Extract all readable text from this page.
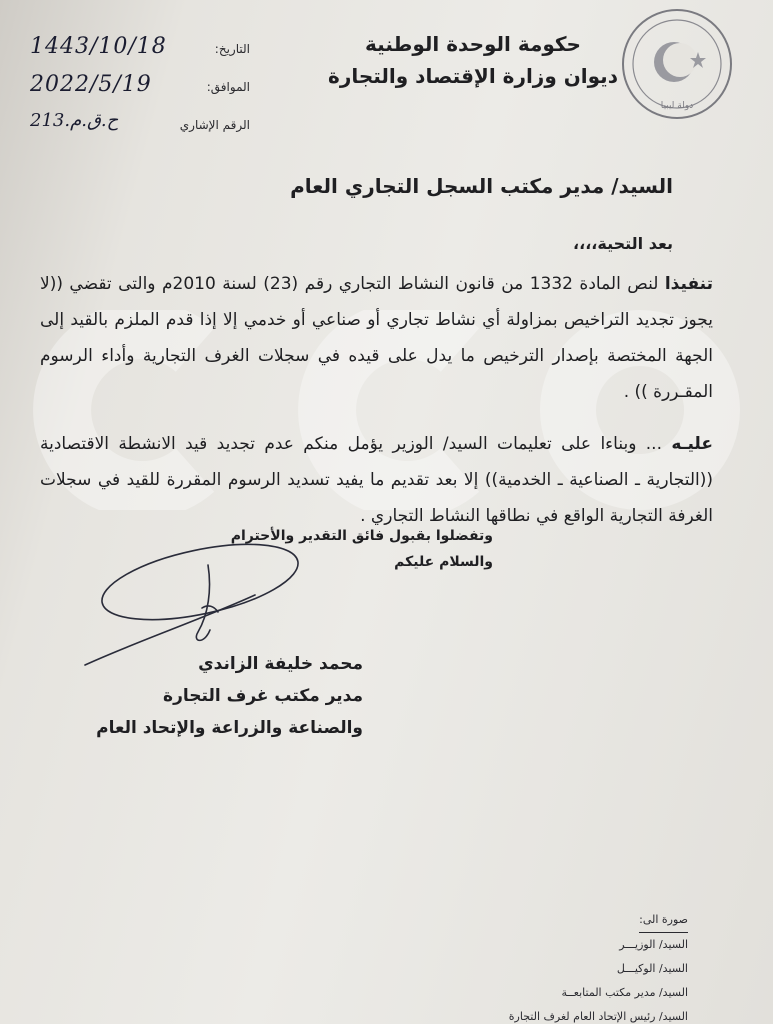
دولة ليبيا
حكومة الوحدة الوطنية
ديوان وزارة الإقتصاد والتجارة
التاريخ:
1443/10/18
الموافق:
2022/5/19
الرقم الإشاري
21ح.ق.م.3
السيد/ مدير مكتب السجل التجاري العام
بعد التحية،،،،

تنفيذا لنص المادة 1332 من قانون النشاط التجاري رقم (23) لسنة 2010م والتى تقضي ((لا يجوز تجديد التراخيص بمزاولة أي نشاط تجاري أو صناعي أو خدمي إلا إذا قدم الملزم بالقيد إلى الجهة المختصة بإصدار الترخيص ما يدل على قيده في سجلات الغرف التجارية وأداء الرسوم المقـررة )) .

عليـه ... وبناءا على تعليمات السيد/ الوزير يؤمل منكم عدم تجديد قيد الانشطة الاقتصادية ((التجارية ـ الصناعية ـ الخدمية)) إلا بعد تقديم ما يفيد تسديد الرسوم المقررة للقيد في سجلات الغرفة التجارية الواقع في نطاقها النشاط التجاري .

وتفضلوا بقبول فائق التقدير والأحترام
والسلام عليكم
محمد خليفة الزاندي
مدير مكتب غرف التجارة
والصناعة والزراعة والإتحاد العام
صورة الى:
السيد/ الوزيـــر
السيد/ الوكيـــل
السيد/ مدير مكتب المتابعــة
السيد/ رئيس الإتحاد العام لغرف التجارة
